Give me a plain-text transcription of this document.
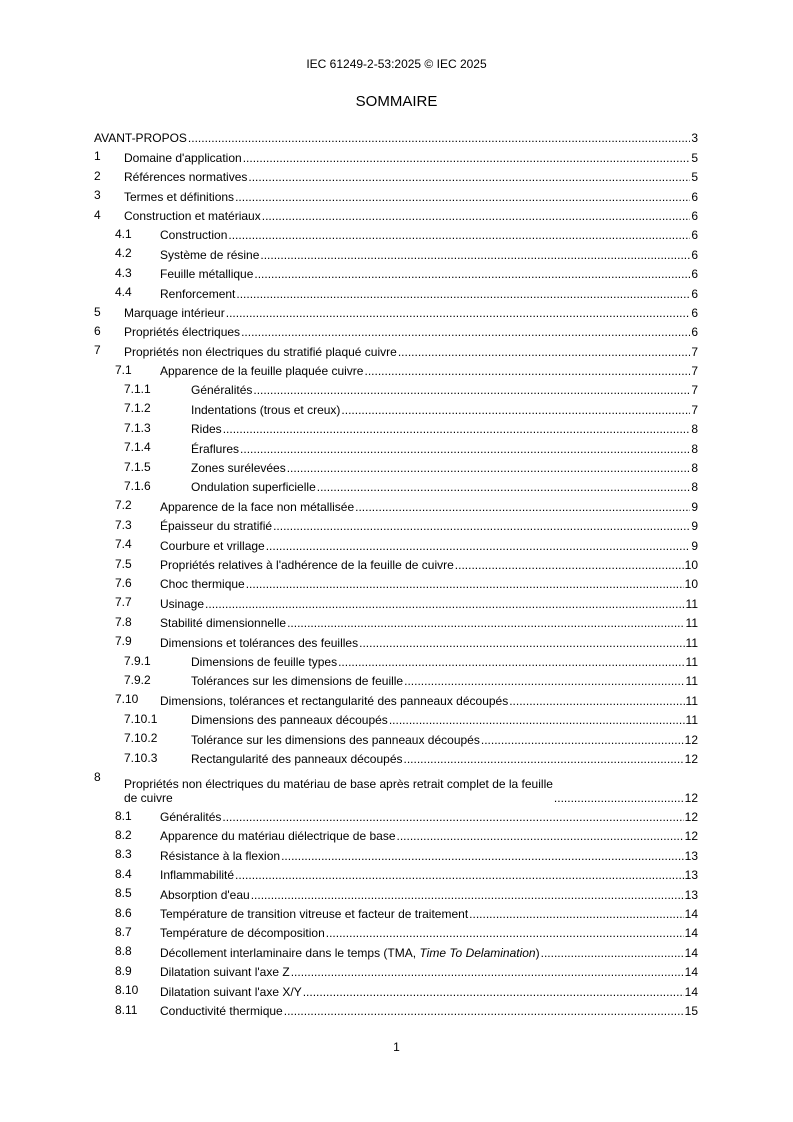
IEC 61249-2-53:2025 © IEC 2025
SOMMAIRE
AVANT-PROPOS .....	3
1 Domaine d'application .....	5
2 Références normatives .....	5
3 Termes et définitions .....	6
4 Construction et matériaux .....	6
4.1 Construction .....	6
4.2 Système de résine .....	6
4.3 Feuille métallique .....	6
4.4 Renforcement .....	6
5 Marquage intérieur .....	6
6 Propriétés électriques .....	6
7 Propriétés non électriques du stratifié plaqué cuivre .....	7
7.1 Apparence de la feuille plaquée cuivre .....	7
7.1.1	Généralités .....	7
7.1.2	Indentations (trous et creux) .....	7
7.1.3	Rides .....	8
7.1.4	Éraflures .....	8
7.1.5	Zones surélevées .....	8
7.1.6	Ondulation superficielle .....	8
7.2 Apparence de la face non métallisée .....	9
7.3 Épaisseur du stratifié .....	9
7.4 Courbure et vrillage .....	9
7.5 Propriétés relatives à l'adhérence de la feuille de cuivre .....	10
7.6 Choc thermique .....	10
7.7 Usinage .....	11
7.8 Stabilité dimensionnelle .....	11
7.9 Dimensions et tolérances des feuilles .....	11
7.9.1	Dimensions de feuille types .....	11
7.9.2	Tolérances sur les dimensions de feuille .....	11
7.10 Dimensions, tolérances et rectangularité des panneaux découpés .....	11
7.10.1	Dimensions des panneaux découpés .....	11
7.10.2	Tolérance sur les dimensions des panneaux découpés .....	12
7.10.3	Rectangularité des panneaux découpés .....	12
8 Propriétés non électriques du matériau de base après retrait complet de la feuille
de cuivre .....	12
8.1 Généralités .....	12
8.2 Apparence du matériau diélectrique de base .....	12
8.3 Résistance à la flexion .....	13
8.4 Inflammabilité .....	13
8.5 Absorption d'eau .....	13
8.6 Température de transition vitreuse et facteur de traitement .....	14
8.7 Température de décomposition .....	14
8.8 Décollement interlaminaire dans le temps (TMA, Time To Delamination) .....	14
8.9 Dilatation suivant l'axe Z .....	14
8.10 Dilatation suivant l'axe X/Y .....	14
8.11 Conductivité thermique .....	15
1
